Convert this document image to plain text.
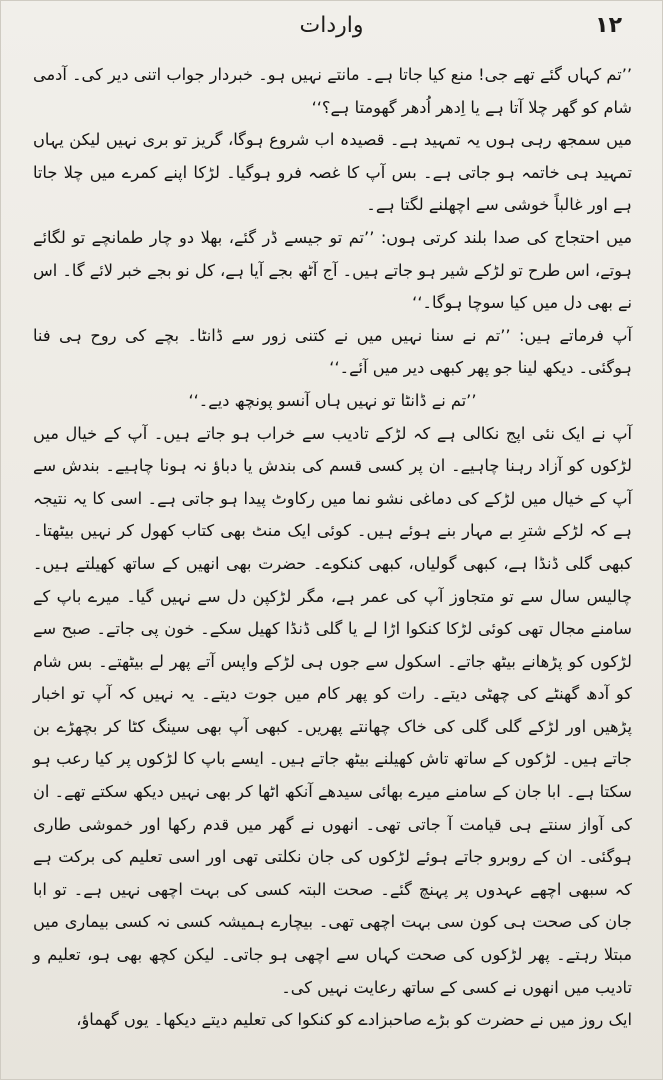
واردات	۱۲

’’تم کہاں گئے تھے جی! منع کیا جاتا ہے۔ مانتے نہیں ہو۔ خبردار جواب اتنی دیر کی۔ آدمی شام کو گھر چلا آتا ہے یا اِدھر اُدھر گھومتا ہے؟‘‘

میں سمجھ رہی ہوں یہ تمہید ہے۔ قصیدہ اب شروع ہوگا، گریز تو بری نہیں لیکن یہاں تمہید ہی خاتمہ ہو جاتی ہے۔ بس آپ کا غصہ فرو ہوگیا۔ لڑکا اپنے کمرے میں چلا جاتا ہے اور غالباً خوشی سے اچھلنے لگتا ہے۔

میں احتجاج کی صدا بلند کرتی ہوں: ’’تم تو جیسے ڈر گئے، بھلا دو چار طمانچے تو لگائے ہوتے، اس طرح تو لڑکے شیر ہو جاتے ہیں۔ آج آٹھ بجے آیا ہے، کل نو بجے خبر لائے گا۔ اس نے بھی دل میں کیا سوچا ہوگا۔‘‘

آپ فرماتے ہیں: ’’تم نے سنا نہیں میں نے کتنی زور سے ڈانٹا۔ بچے کی روح ہی فنا ہوگئی۔ دیکھ لینا جو پھر کبھی دیر میں آئے۔‘‘

’’تم نے ڈانٹا تو نہیں ہاں آنسو پونچھ دیے۔‘‘

آپ نے ایک نئی اپج نکالی ہے کہ لڑکے تادیب سے خراب ہو جاتے ہیں۔ آپ کے خیال میں لڑکوں کو آزاد رہنا چاہیے۔ ان پر کسی قسم کی بندش یا دباؤ نہ ہونا چاہیے۔ بندش سے آپ کے خیال میں لڑکے کی دماغی نشو نما میں رکاوٹ پیدا ہو جاتی ہے۔ اسی کا یہ نتیجہ ہے کہ لڑکے شترِ بے مہار بنے ہوئے ہیں۔ کوئی ایک منٹ بھی کتاب کھول کر نہیں بیٹھتا۔ کبھی گلی ڈنڈا ہے، کبھی گولیاں، کبھی کنکوے۔ حضرت بھی انھیں کے ساتھ کھیلتے ہیں۔ چالیس سال سے تو متجاوز آپ کی عمر ہے، مگر لڑکپن دل سے نہیں گیا۔ میرے باپ کے سامنے مجال تھی کوئی لڑکا کنکوا اڑا لے یا گلی ڈنڈا کھیل سکے۔ خون پی جاتے۔ صبح سے لڑکوں کو پڑھانے بیٹھ جاتے۔ اسکول سے جوں ہی لڑکے واپس آتے پھر لے بیٹھتے۔ بس شام کو آدھ گھنٹے کی چھٹی دیتے۔ رات کو پھر کام میں جوت دیتے۔ یہ نہیں کہ آپ تو اخبار پڑھیں اور لڑکے گلی گلی کی خاک چھانتے پھریں۔ کبھی آپ بھی سینگ کٹا کر بچھڑے بن جاتے ہیں۔ لڑکوں کے ساتھ تاش کھیلنے بیٹھ جاتے ہیں۔ ایسے باپ کا لڑکوں پر کیا رعب ہو سکتا ہے۔ ابا جان کے سامنے میرے بھائی سیدھے آنکھ اٹھا کر بھی نہیں دیکھ سکتے تھے۔ ان کی آواز سنتے ہی قیامت آ جاتی تھی۔ انھوں نے گھر میں قدم رکھا اور خموشی طاری ہوگئی۔ ان کے روبرو جاتے ہوئے لڑکوں کی جان نکلتی تھی اور اسی تعلیم کی برکت ہے کہ سبھی اچھے عہدوں پر پہنچ گئے۔ صحت البتہ کسی کی بہت اچھی نہیں ہے۔ تو ابا جان کی صحت ہی کون سی بہت اچھی تھی۔ بیچارے ہمیشہ کسی نہ کسی بیماری میں مبتلا رہتے۔ پھر لڑکوں کی صحت کہاں سے اچھی ہو جاتی۔ لیکن کچھ بھی ہو، تعلیم و تادیب میں انھوں نے کسی کے ساتھ رعایت نہیں کی۔

ایک روز میں نے حضرت کو بڑے صاحبزادے کو کنکوا کی تعلیم دیتے دیکھا۔ یوں گھماؤ،
